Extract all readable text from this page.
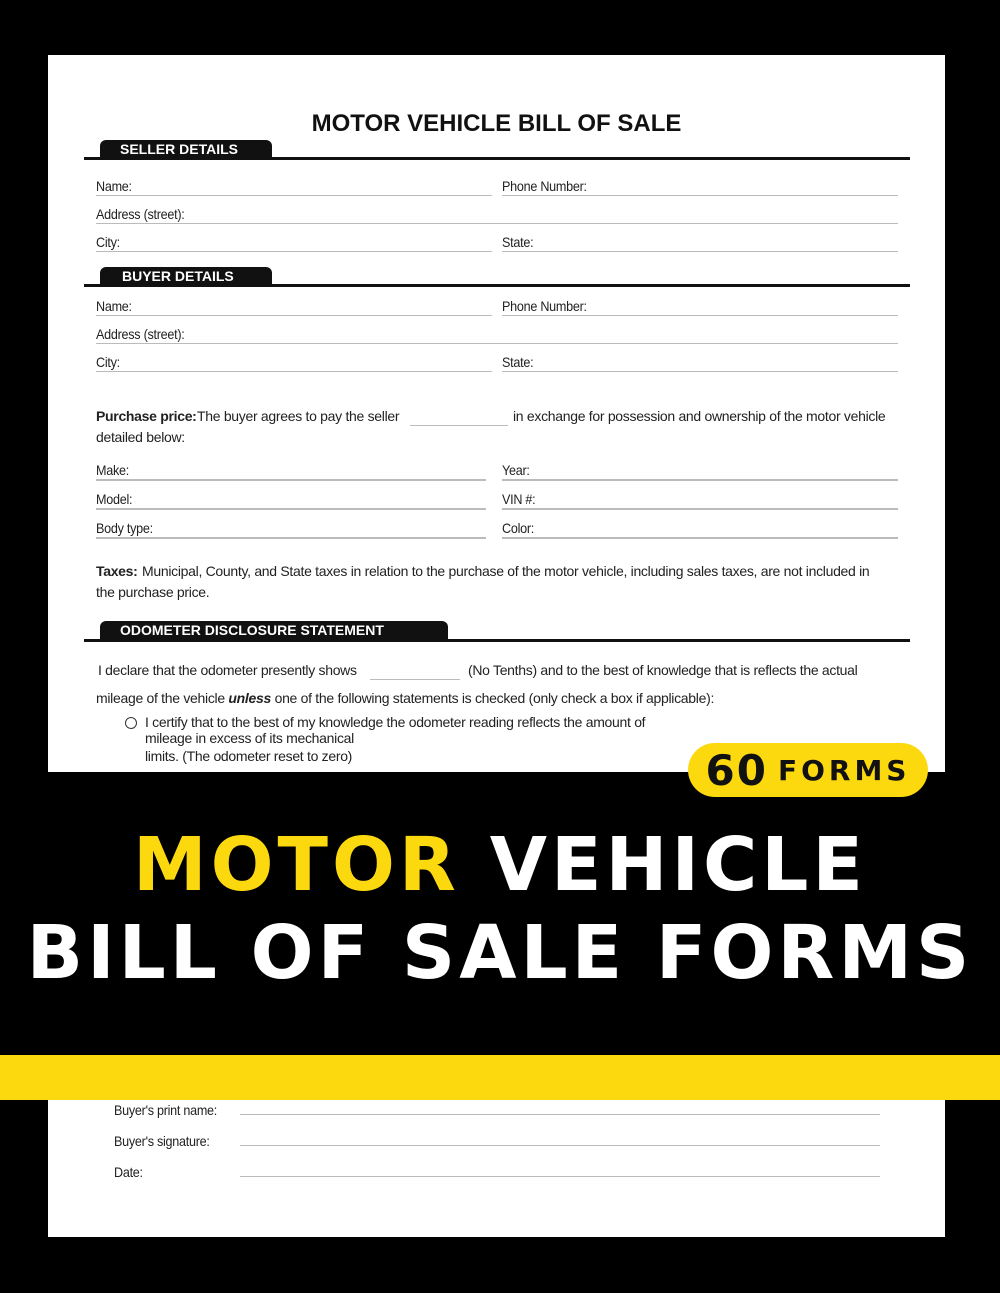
MOTOR VEHICLE BILL OF SALE
SELLER DETAILS
Name:	Phone Number:
Address (street):
City:	State:
BUYER DETAILS
Name:	Phone Number:
Address (street):
City:	State:
Purchase price: The buyer agrees to pay the seller	in exchange for possession and ownership of the motor vehicle
detailed below:
Make:	Year:
Model:	VIN #:
Body type:	Color:
Taxes: Municipal, County, and State taxes in relation to the purchase of the motor vehicle, including sales taxes, are not included in
the purchase price.
ODOMETER DISCLOSURE STATEMENT
I declare that the odometer presently shows	(No Tenths) and to the best of knowledge that is reflects the actual
mileage of the vehicle unless one of the following statements is checked (only check a box if applicable):
I certify that to the best of my knowledge the odometer reading reflects the amount of mileage in excess of its mechanical
limits. (The odometer reset to zero)
Buyer's print name:
Buyer's signature:
Date:
60 FORMS
MOTOR VEHICLE
BILL OF SALE FORMS
